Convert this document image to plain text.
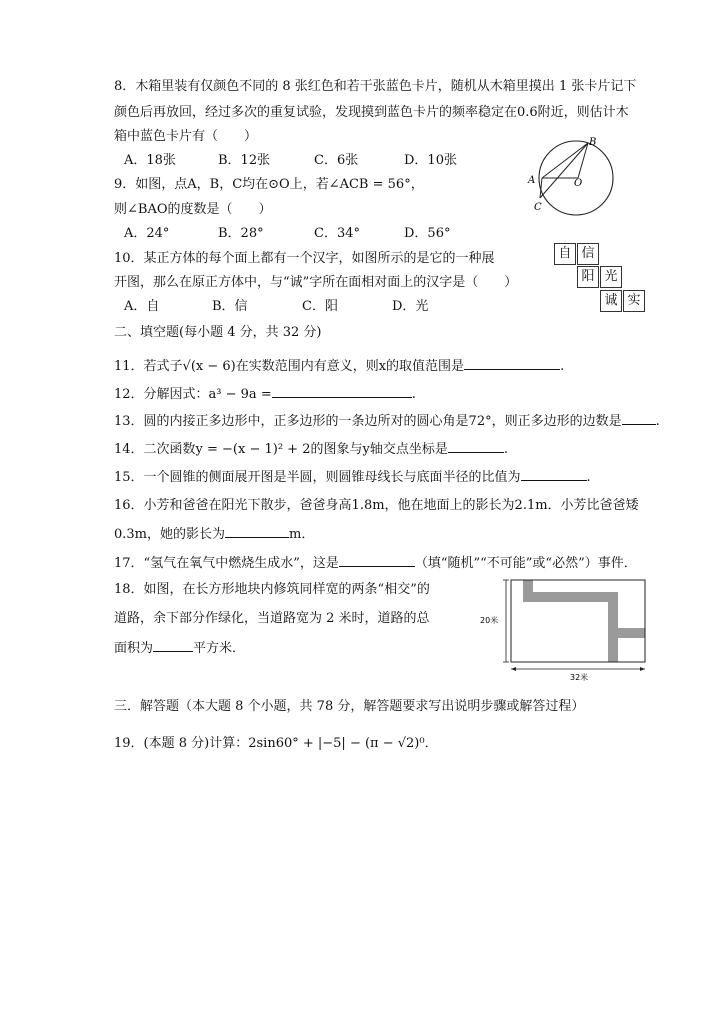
8．木箱里装有仅颜色不同的 8 张红色和若干张蓝色卡片，随机从木箱里摸出 1 张卡片记下
颜色后再放回，经过多次的重复试验，发现摸到蓝色卡片的频率稳定在0.6附近，则估计木
箱中蓝色卡片有（　　）
A．18张	B．12张	C．6张	D．10张
9．如图，点A，B，C均在⊙O上，若∠ACB = 56°，
则∠BAO的度数是（　　）
A．24°	B．28°	C．34°	D．56°
B
A	O
C
10．某正方体的每个面上都有一个汉字，如图所示的是它的一种展
开图，那么在原正方体中，与“诚”字所在面相对面上的汉字是（　　）
A．自	B．信	C．阳	D．光
自 信
阳 光
诚 实
二、填空题(每小题 4 分，共 32 分)
11．若式子√(x − 6)在实数范围内有意义，则x的取值范围是	.
12．分解因式：a³ − 9a =	.
13．圆的内接正多边形中，正多边形的一条边所对的圆心角是72°，则正多边形的边数是	.
14．二次函数y = −(x − 1)² + 2的图象与y轴交点坐标是	.
15．一个圆锥的侧面展开图是半圆，则圆锥母线长与底面半径的比值为	.
16．小芳和爸爸在阳光下散步，爸爸身高1.8m，他在地面上的影长为2.1m．小芳比爸爸矮
0.3m，她的影长为	m．
17．“氢气在氧气中燃烧生成水”，这是	（填“随机”“不可能”或“必然”）事件．
18．如图，在长方形地块内修筑同样宽的两条“相交”的
道路，余下部分作绿化，当道路宽为 2 米时，道路的总
面积为	平方米．
20米
32米
三．解答题（本大题 8 个小题，共 78 分，解答题要求写出说明步骤或解答过程）
19．(本题 8 分)计算：2sin60° + |−5| − (π − √2)⁰．
